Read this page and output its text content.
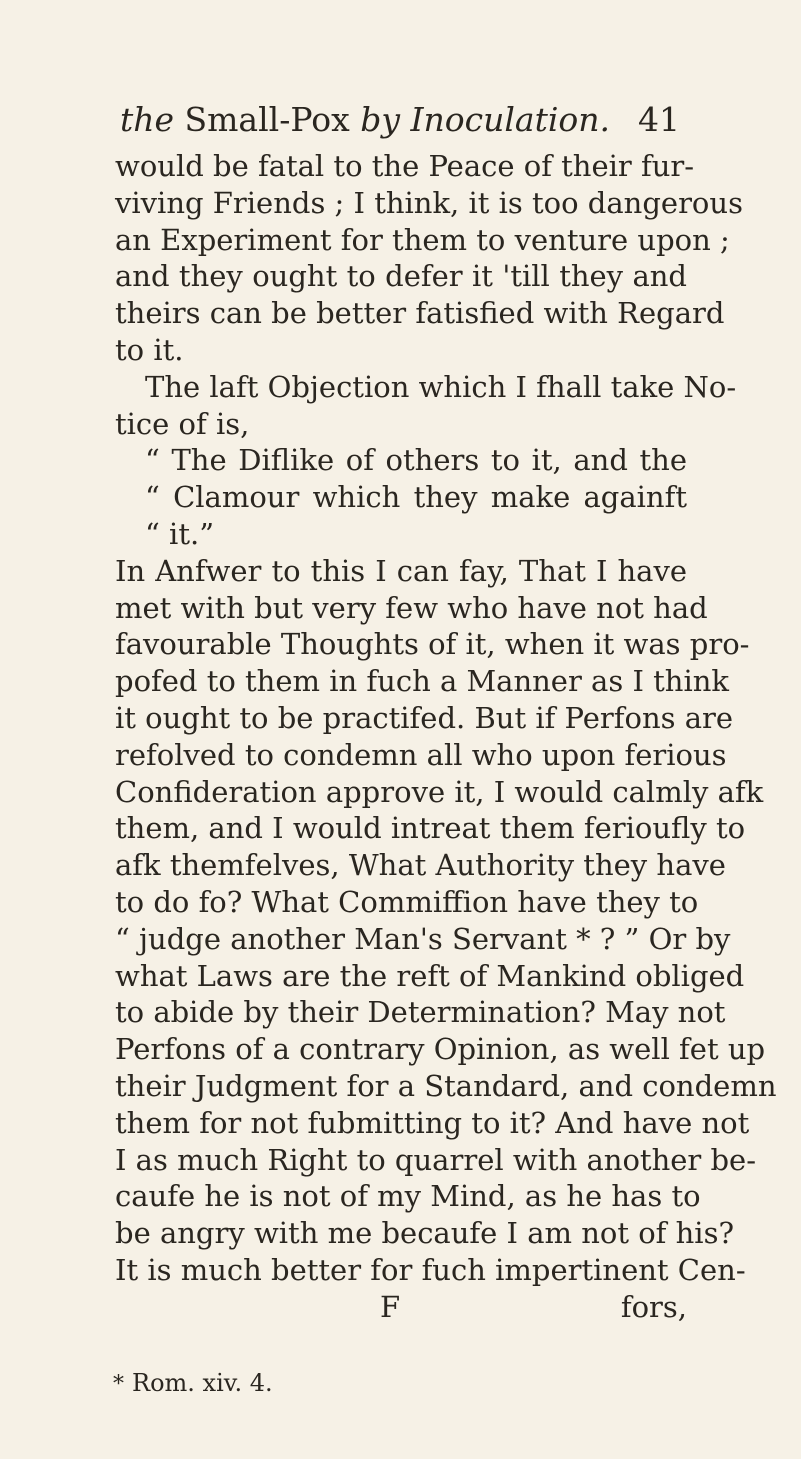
the Small-Pox by Inoculation. 41
would be fatal to the Peace of their fur-
viving Friends ; I think, it is too dangerous
an Experiment for them to venture upon ;
and they ought to defer it 'till they and
theirs can be better fatisfied with Regard
to it.
The laft Objection which I fhall take No-
tice of is,
“ The Diflike of others to it, and the
“ Clamour which they make againft
“ it.”
In Anfwer to this I can fay, That I have
met with but very few who have not had
favourable Thoughts of it, when it was pro-
pofed to them in fuch a Manner as I think
it ought to be practifed. But if Perfons are
refolved to condemn all who upon ferious
Confideration approve it, I would calmly afk
them, and I would intreat them ferioufly to
afk themfelves, What Authority they have
to do fo? What Commiffion have they to
“ judge another Man's Servant * ? ” Or by
what Laws are the reft of Mankind obliged
to abide by their Determination? May not
Perfons of a contrary Opinion, as well fet up
their Judgment for a Standard, and condemn
them for not fubmitting to it? And have not
I as much Right to quarrel with another be-
caufe he is not of my Mind, as he has to
be angry with me becaufe I am not of his?
It is much better for fuch impertinent Cen-
F	fors,
* Rom. xiv. 4.
